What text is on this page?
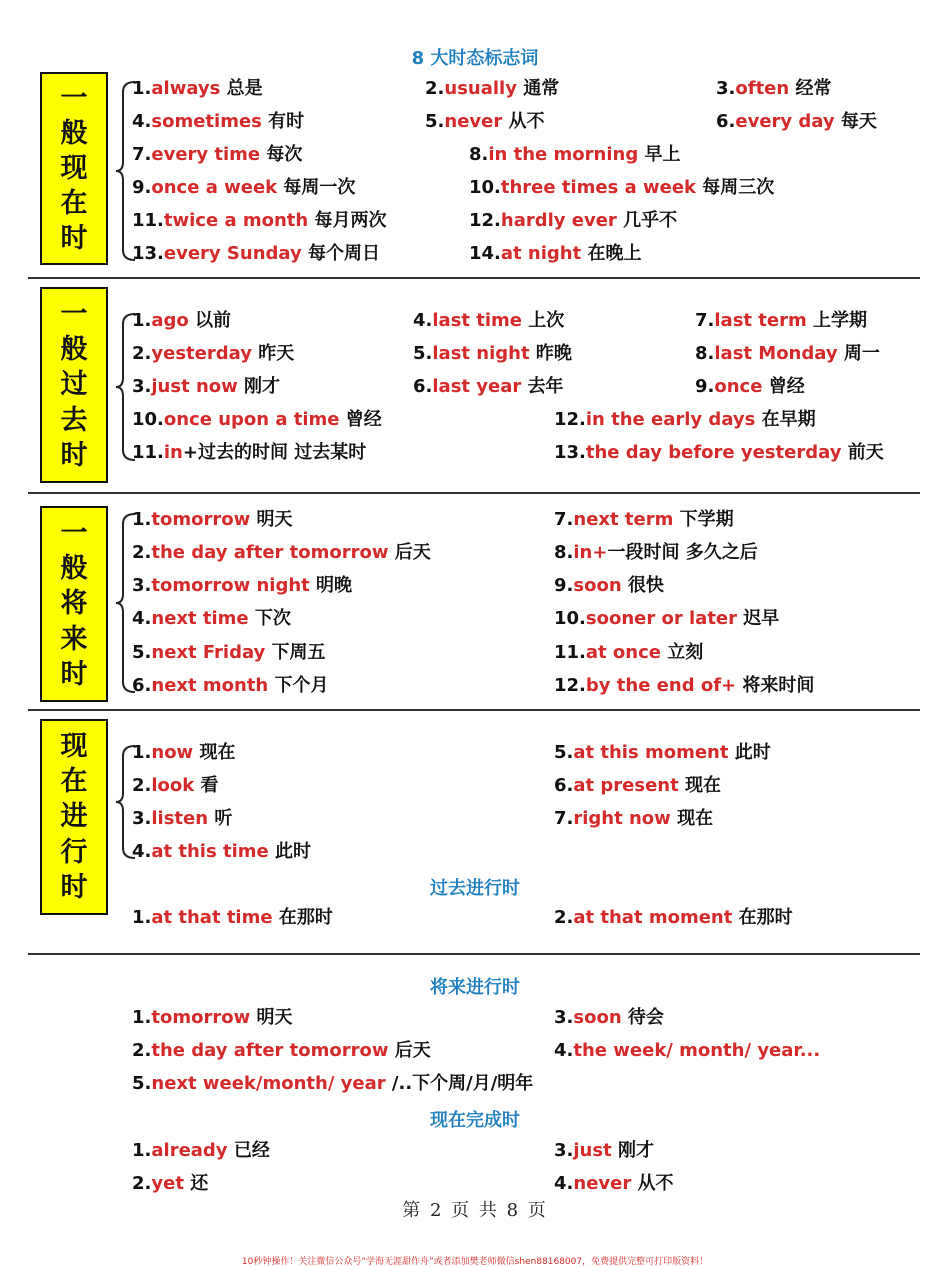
8 大时态标志词
一
般
现
在
时
1.always 总是	2.usually 通常	3.often 经常
4.sometimes 有时	5.never 从不	6.every day 每天
7.every time 每次	8.in the morning 早上
9.once a week 每周一次	10.three times a week 每周三次
11.twice a month 每月两次	12.hardly ever 几乎不
13.every Sunday 每个周日	14.at night 在晚上
一
般
过
去
时
1.ago 以前	4.last time 上次	7.last term 上学期
2.yesterday 昨天	5.last night 昨晚	8.last Monday 周一
3.just now 刚才	6.last year 去年	9.once 曾经
10.once upon a time 曾经	12.in the early days 在早期
11.in+过去的时间 过去某时	13.the day before yesterday 前天
一
般
将
来
时
1.tomorrow 明天	7.next term 下学期
2.the day after tomorrow 后天	8.in+一段时间 多久之后
3.tomorrow night 明晚	9.soon 很快
4.next time 下次	10.sooner or later 迟早
5.next Friday 下周五	11.at once 立刻
6.next month 下个月	12.by the end of+ 将来时间
现
在
进
行
时
1.now 现在	5.at this moment 此时
2.look 看	6.at present 现在
3.listen 听	7.right now 现在
4.at this time 此时
过去进行时
1.at that time 在那时	2.at that moment 在那时
将来进行时
1.tomorrow 明天	3.soon 待会
2.the day after tomorrow 后天	4.the week/ month/ year...
5.next week/month/ year /..下个周/月/明年
现在完成时
1.already 已经	3.just 刚才
2.yet 还	4.never 从不
第 2 页 共 8 页
10秒钟操作！关注微信公众号“学海无涯甜作舟”或者添加樊老师微信shen88168007，免费提供完整可打印版资料！
